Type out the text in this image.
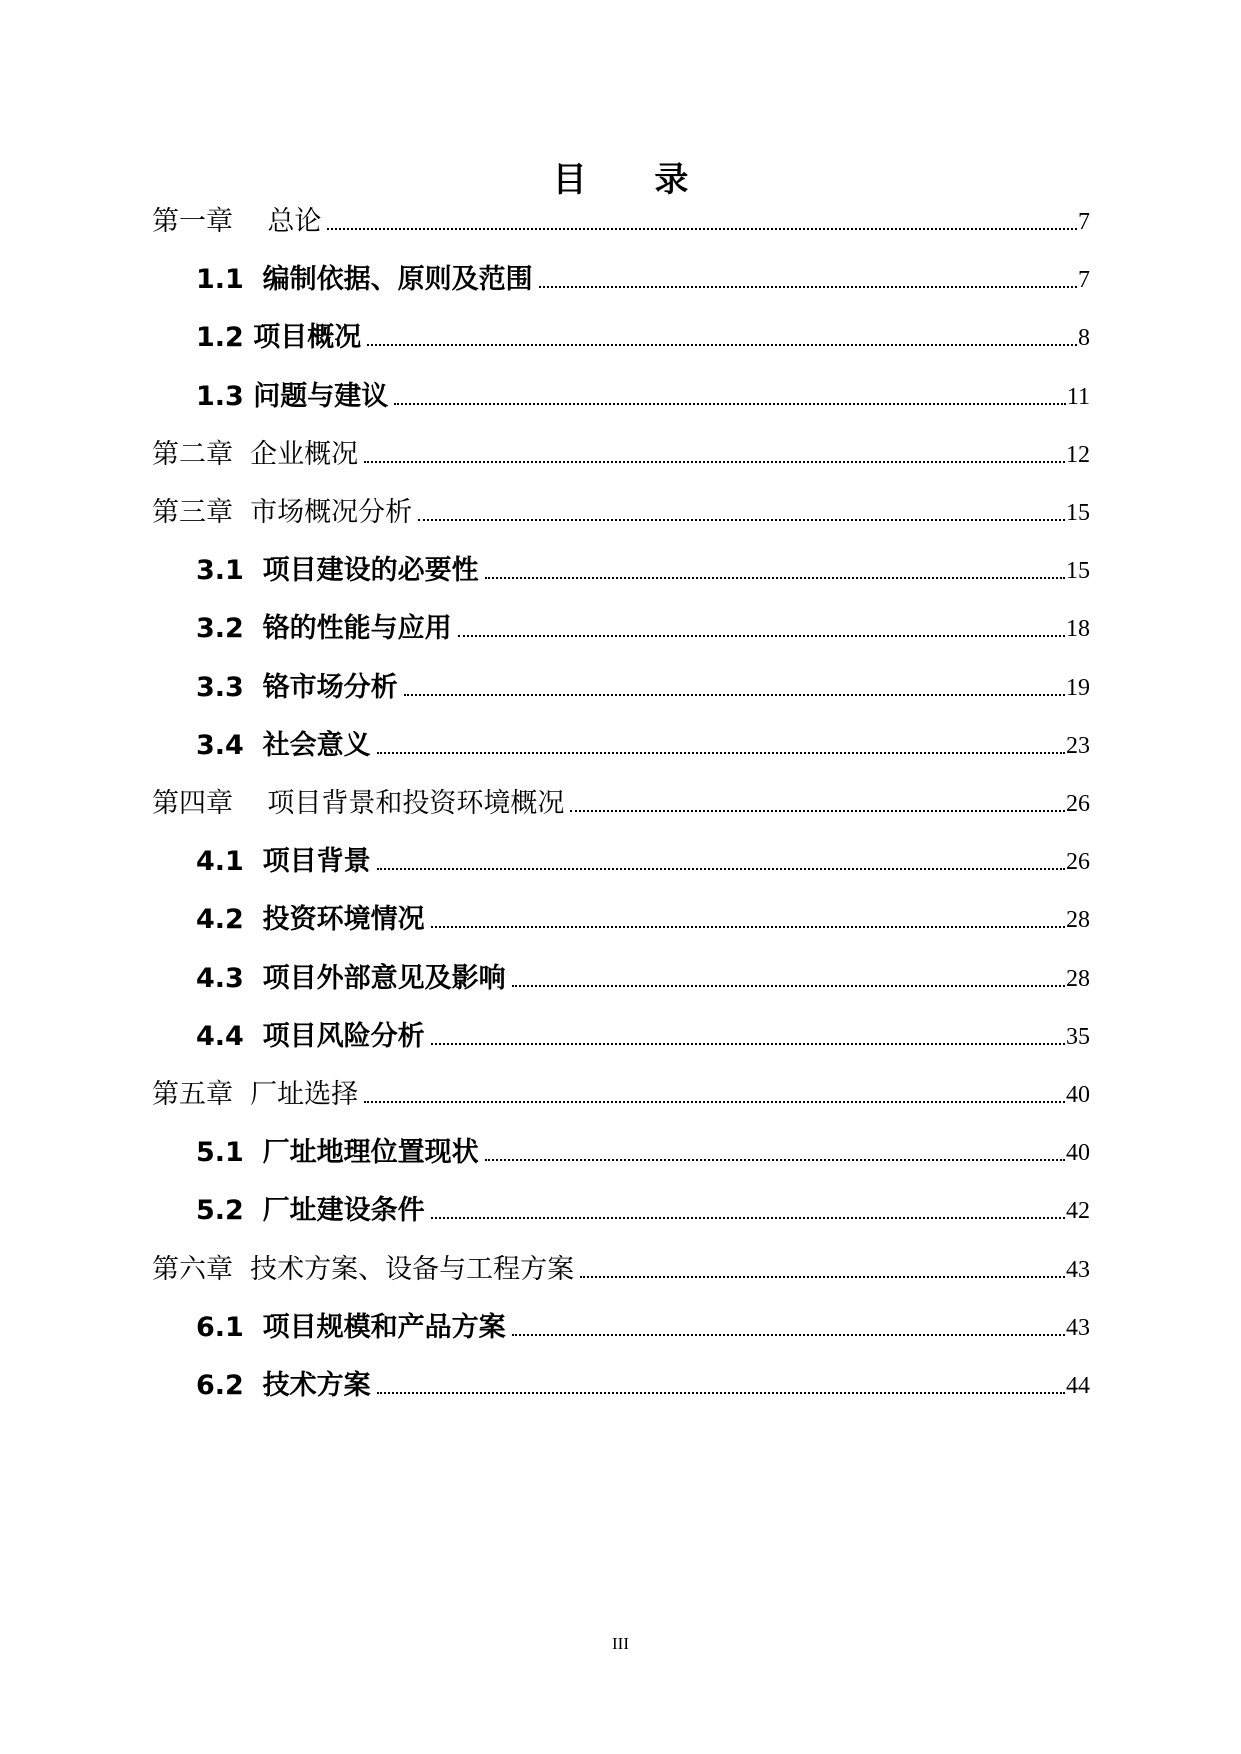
目 录
第一章    总论	7
1.1  编制依据、原则及范围	7
1.2 项目概况	8
1.3 问题与建议	11
第二章  企业概况	12
第三章  市场概况分析	15
3.1  项目建设的必要性	15
3.2  铬的性能与应用	18
3.3  铬市场分析	19
3.4  社会意义	23
第四章    项目背景和投资环境概况	26
4.1  项目背景	26
4.2  投资环境情况	28
4.3  项目外部意见及影响	28
4.4  项目风险分析	35
第五章  厂址选择	40
5.1  厂址地理位置现状	40
5.2  厂址建设条件	42
第六章  技术方案、设备与工程方案	43
6.1  项目规模和产品方案	43
6.2  技术方案	44
III
